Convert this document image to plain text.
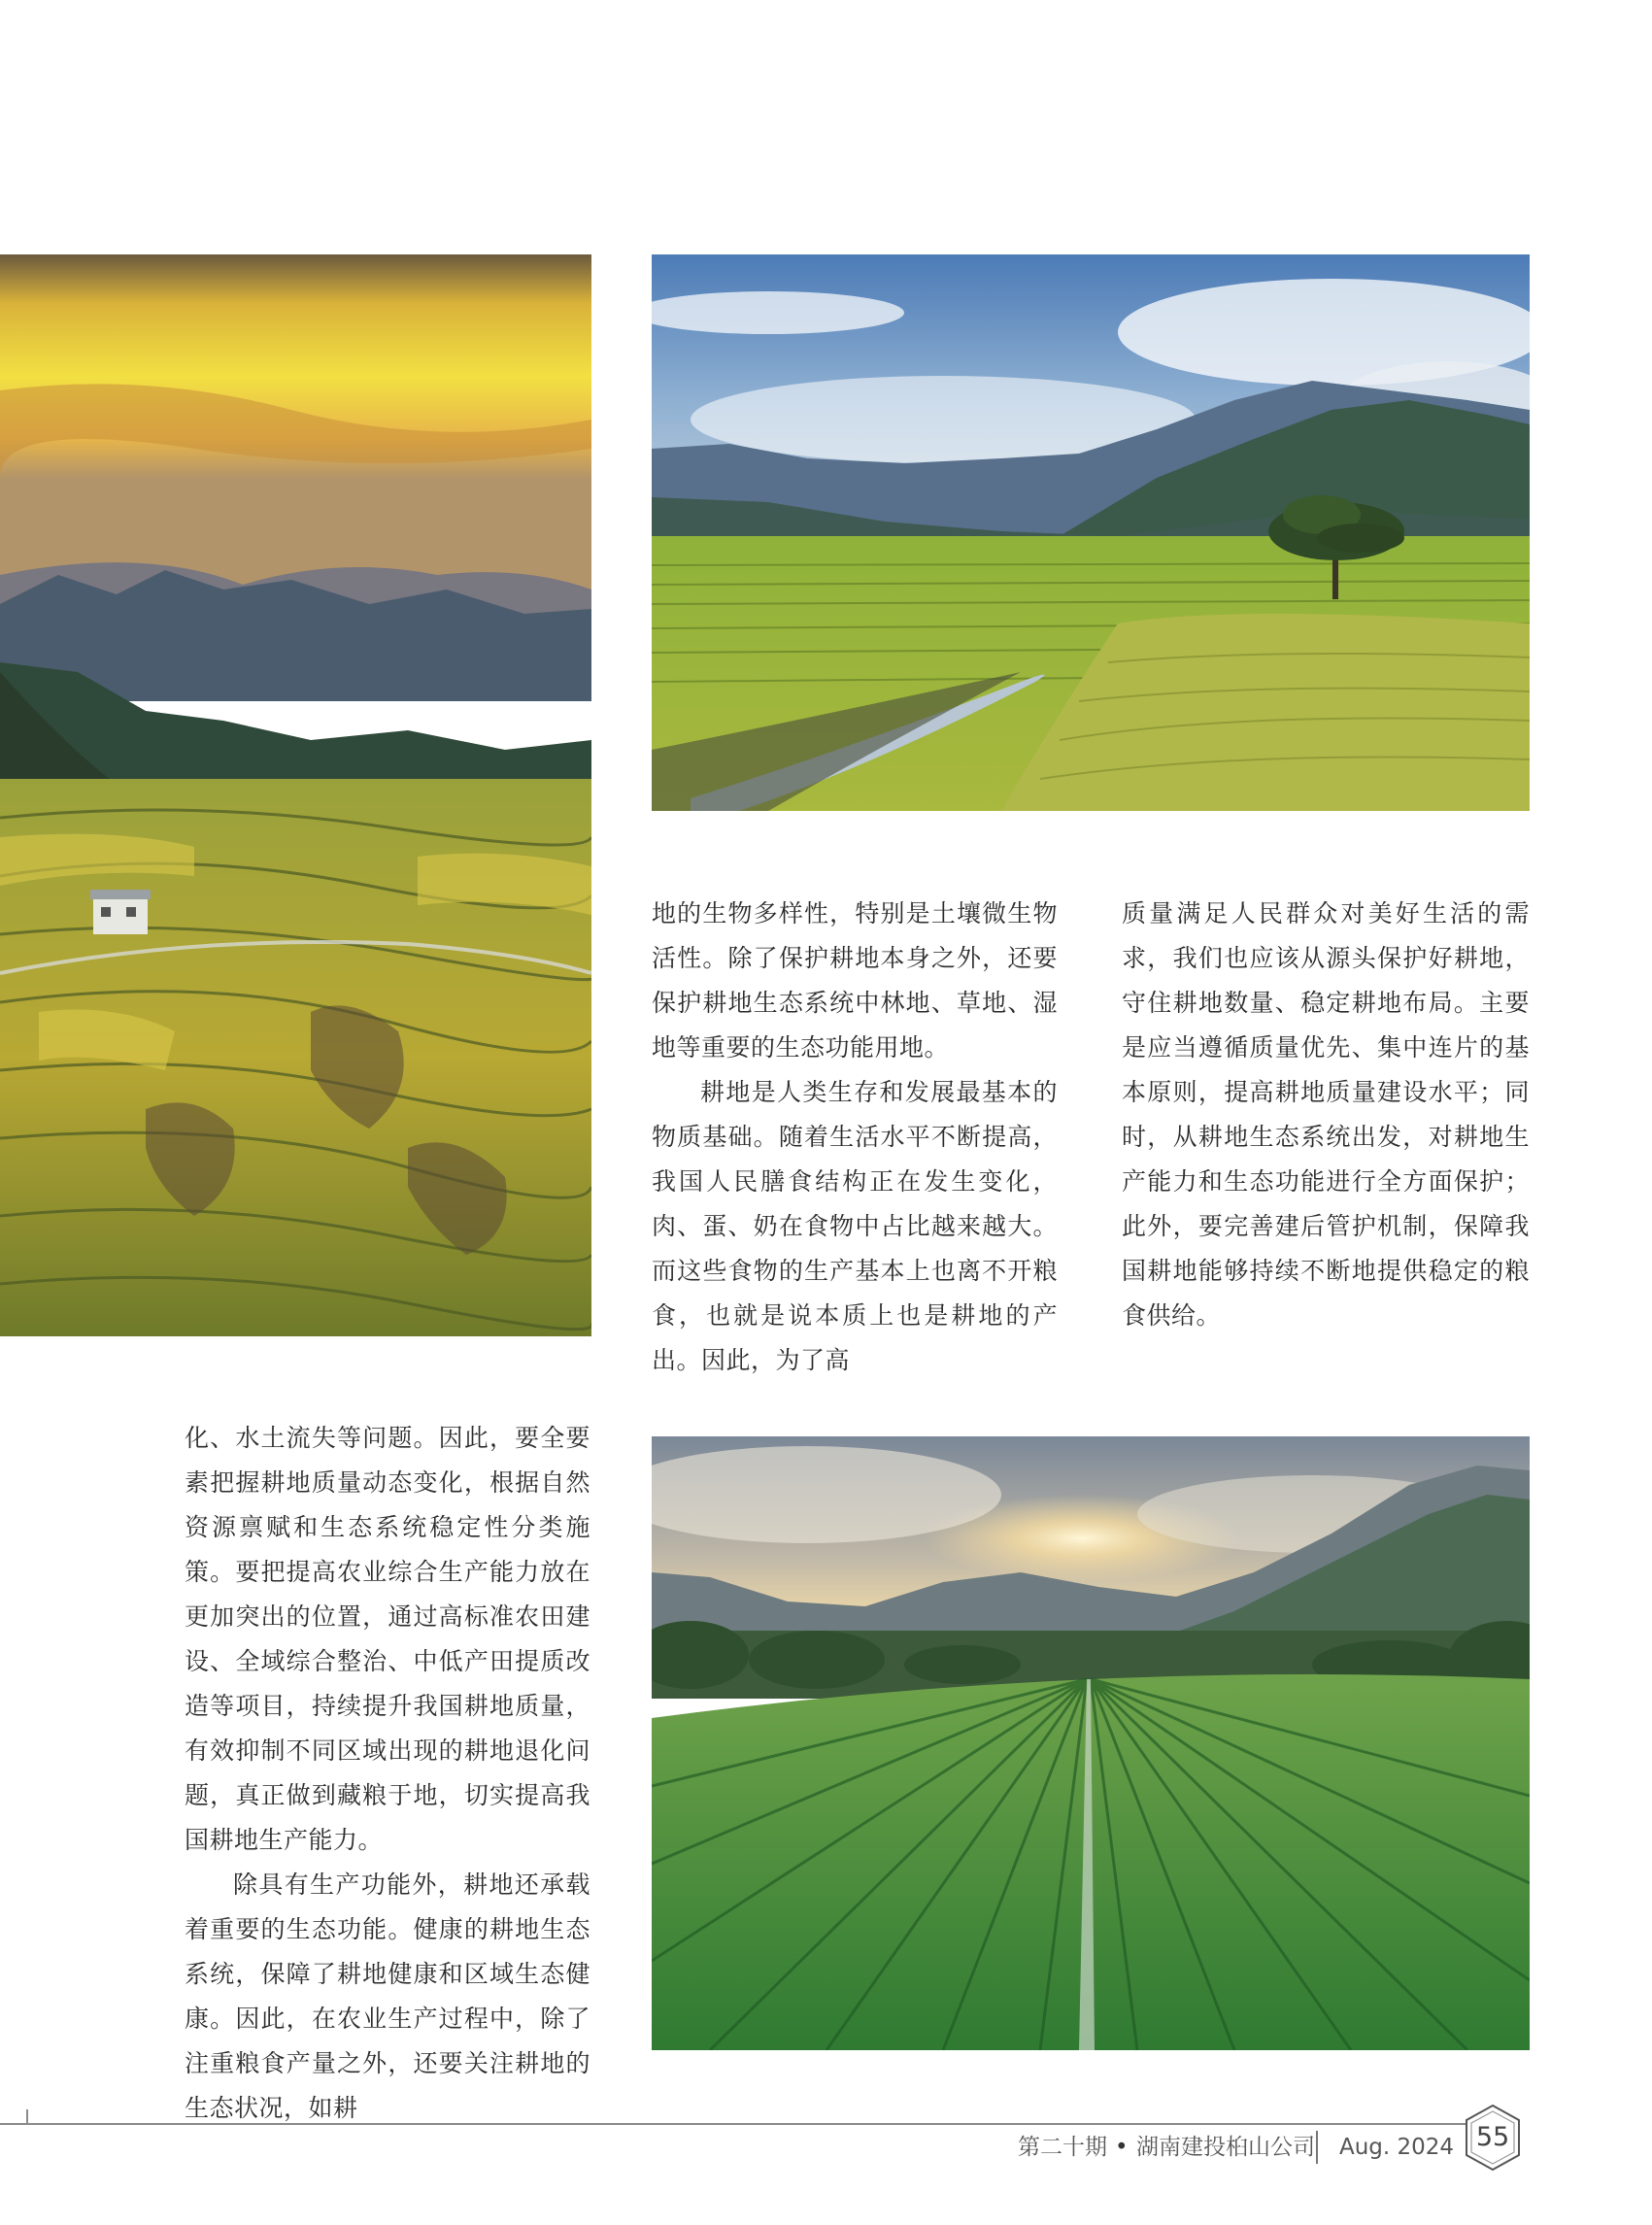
地的生物多样性，特别是土壤微生物活性。除了保护耕地本身之外，还要保护耕地生态系统中林地、草地、湿地等重要的生态功能用地。

耕地是人类生存和发展最基本的物质基础。随着生活水平不断提高，我国人民膳食结构正在发生变化，肉、蛋、奶在食物中占比越来越大。而这些食物的生产基本上也离不开粮食，也就是说本质上也是耕地的产出。因此，为了高

质量满足人民群众对美好生活的需求，我们也应该从源头保护好耕地，守住耕地数量、稳定耕地布局。主要是应当遵循质量优先、集中连片的基本原则，提高耕地质量建设水平；同时，从耕地生态系统出发，对耕地生产能力和生态功能进行全方面保护；此外，要完善建后管护机制，保障我国耕地能够持续不断地提供稳定的粮食供给。

化、水土流失等问题。因此，要全要素把握耕地质量动态变化，根据自然资源禀赋和生态系统稳定性分类施策。要把提高农业综合生产能力放在更加突出的位置，通过高标准农田建设、全域综合整治、中低产田提质改造等项目，持续提升我国耕地质量，有效抑制不同区域出现的耕地退化问题，真正做到藏粮于地，切实提高我国耕地生产能力。

除具有生产功能外，耕地还承载着重要的生态功能。健康的耕地生态系统，保障了耕地健康和区域生态健康。因此，在农业生产过程中，除了注重粮食产量之外，还要关注耕地的生态状况，如耕

第二十期 • 湖南建投桕山公司 Aug. 2024 55
